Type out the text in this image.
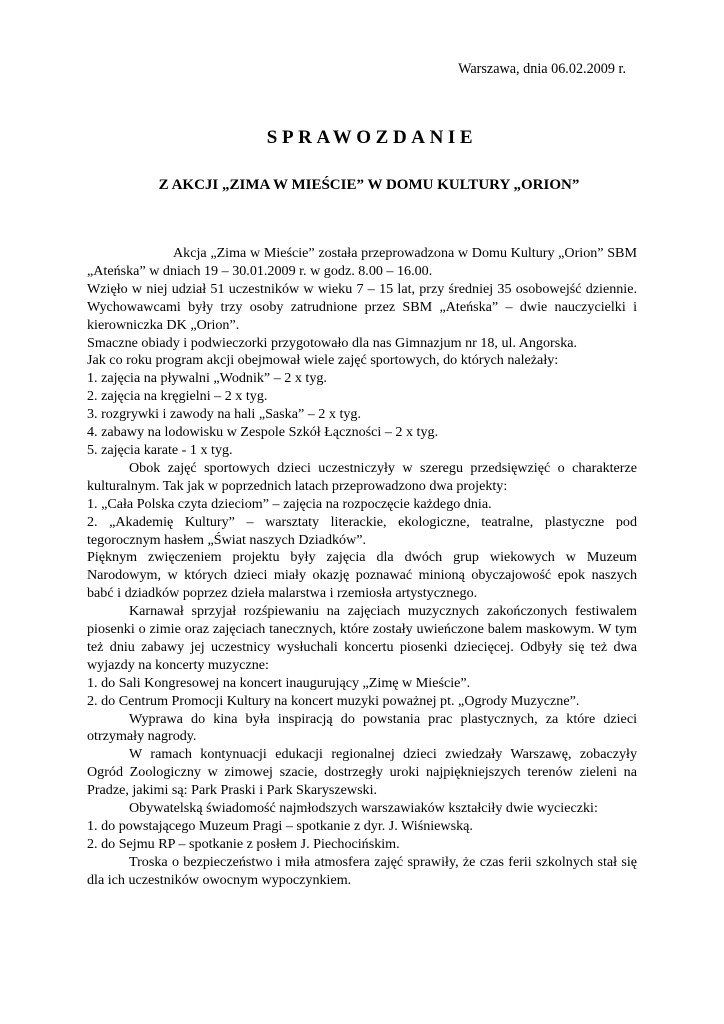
Warszawa, dnia 06.02.2009 r.
SPRAWOZDANIE
Z AKCJI „ZIMA W MIEŚCIE” W DOMU KULTURY „ORION”

Akcja „Zima w Mieście” została przeprowadzona w Domu Kultury „Orion” SBM „Ateńska” w dniach 19 – 30.01.2009 r. w godz. 8.00 – 16.00.

Wzięło w niej udział 51 uczestników w wieku 7 – 15 lat, przy średniej 35 osobowejść dziennie. Wychowawcami były trzy osoby zatrudnione przez SBM „Ateńska” – dwie nauczycielki i kierowniczka DK „Orion”.

Smaczne obiady i podwieczorki przygotowało dla nas Gimnazjum nr 18, ul. Angorska.

Jak co roku program akcji obejmował wiele zajęć sportowych, do których należały:

1. zajęcia na pływalni „Wodnik” – 2 x tyg.

2. zajęcia na kręgielni – 2 x tyg.

3. rozgrywki i zawody na hali „Saska” – 2 x tyg.

4. zabawy na lodowisku w Zespole Szkół Łączności – 2 x tyg.

5. zajęcia karate - 1 x tyg.

Obok zajęć sportowych dzieci uczestniczyły w szeregu przedsięwzięć o charakterze kulturalnym. Tak jak w poprzednich latach przeprowadzono dwa projekty:

1. „Cała Polska czyta dzieciom” – zajęcia na rozpoczęcie każdego dnia.

2. „Akademię Kultury” – warsztaty literackie, ekologiczne, teatralne, plastyczne pod tegorocznym hasłem „Świat naszych Dziadków”.

Pięknym zwięczeniem projektu były zajęcia dla dwóch grup wiekowych w Muzeum Narodowym, w których dzieci miały okazję poznawać minioną obyczajowość epok naszych babć i dziadków poprzez dzieła malarstwa i rzemiosła artystycznego.

Karnawał sprzyjał rozśpiewaniu na zajęciach muzycznych zakończonych festiwalem piosenki o zimie oraz zajęciach tanecznych, które zostały uwieńczone balem maskowym. W tym też dniu zabawy jej uczestnicy wysłuchali koncertu piosenki dziecięcej. Odbyły się też dwa wyjazdy na koncerty muzyczne:

1. do Sali Kongresowej na koncert inaugurujący „Zimę w Mieście”.

2. do Centrum Promocji Kultury na koncert muzyki poważnej pt. „Ogrody Muzyczne”.

Wyprawa do kina była inspiracją do powstania prac plastycznych, za które dzieci otrzymały nagrody.

W ramach kontynuacji edukacji regionalnej dzieci zwiedzały Warszawę, zobaczyły Ogród Zoologiczny w zimowej szacie, dostrzegły uroki najpiękniejszych terenów zieleni na Pradze, jakimi są: Park Praski i Park Skaryszewski.

Obywatelską świadomość najmłodszych warszawiaków kształciły dwie wycieczki:

1. do powstającego Muzeum Pragi – spotkanie z dyr. J. Wiśniewską.

2. do Sejmu RP – spotkanie z posłem J. Piechocińskim.

Troska o bezpieczeństwo i miła atmosfera zajęć sprawiły, że czas ferii szkolnych stał się dla ich uczestników owocnym wypoczynkiem.
